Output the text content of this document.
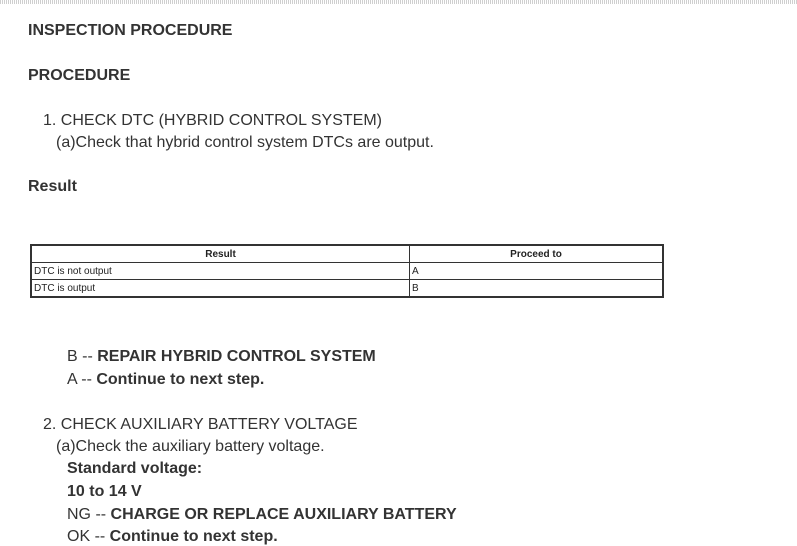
INSPECTION PROCEDURE
PROCEDURE
1. CHECK DTC (HYBRID CONTROL SYSTEM)
(a)Check that hybrid control system DTCs are output.
Result
Result	Proceed to
DTC is not output	A
DTC is output	B
B -- REPAIR HYBRID CONTROL SYSTEM
A -- Continue to next step.
2. CHECK AUXILIARY BATTERY VOLTAGE
(a)Check the auxiliary battery voltage.
Standard voltage:
10 to 14 V
NG -- CHARGE OR REPLACE AUXILIARY BATTERY
OK -- Continue to next step.
